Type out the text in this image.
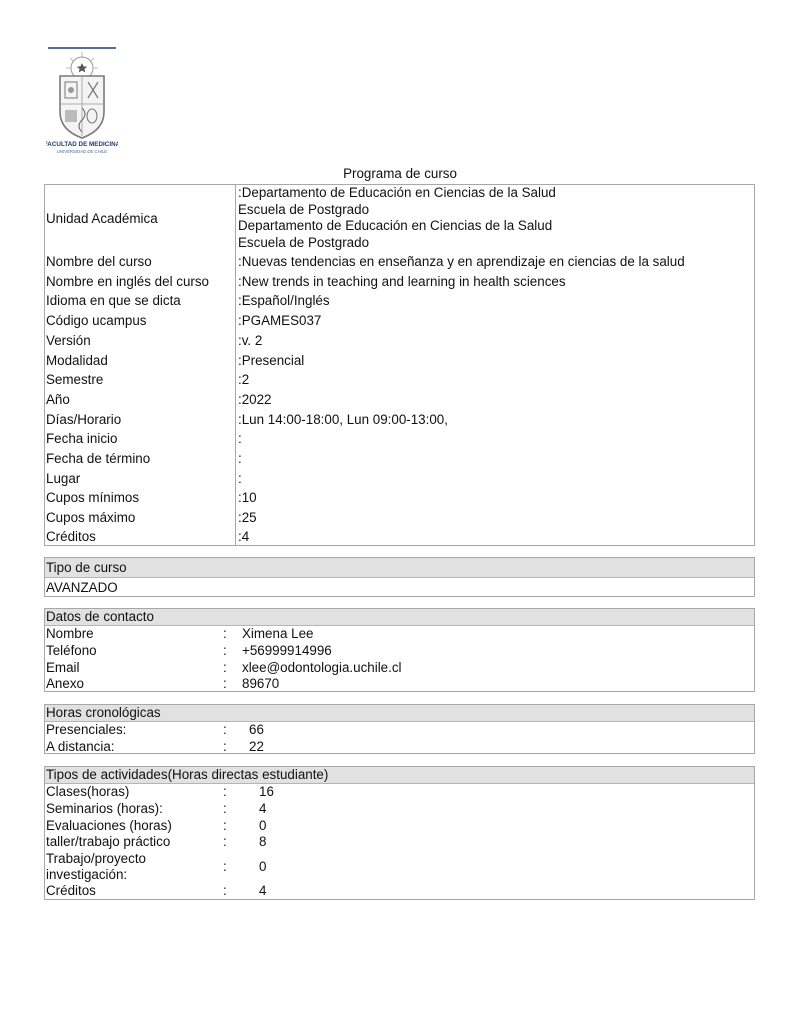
FACULTAD DE MEDICINA
UNIVERSIDAD DE CHILE
Programa de curso
Unidad Académica
:Departamento de Educación en Ciencias de la Salud
Escuela de Postgrado
Departamento de Educación en Ciencias de la Salud
Escuela de Postgrado
Nombre del curso	:Nuevas tendencias en enseñanza y en aprendizaje en ciencias de la salud
Nombre en inglés del curso :New trends in teaching and learning in health sciences
Idioma en que se dicta	:Español/Inglés
Código ucampus	:PGAMES037
Versión	:v. 2
Modalidad	:Presencial
Semestre	:2
Año	:2022
Días/Horario	:Lun 14:00-18:00, Lun 09:00-13:00,
Fecha inicio	:
Fecha de término	:
Lugar	:
Cupos mínimos	:10
Cupos máximo	:25
Créditos	:4
Tipo de curso
AVANZADO
Datos de contacto
Nombre	: Ximena Lee
Teléfono	: +56999914996
Email	: xlee@odontologia.uchile.cl
Anexo	: 89670
Horas cronológicas
Presenciales:	: 66
A distancia:	: 22
Tipos de actividades(Horas directas estudiante)
Clases(horas)	: 16
Seminarios (horas):	: 4
Evaluaciones (horas)	: 0
taller/trabajo práctico	: 8
Trabajo/proyecto investigación:
: 0
Créditos	: 4
